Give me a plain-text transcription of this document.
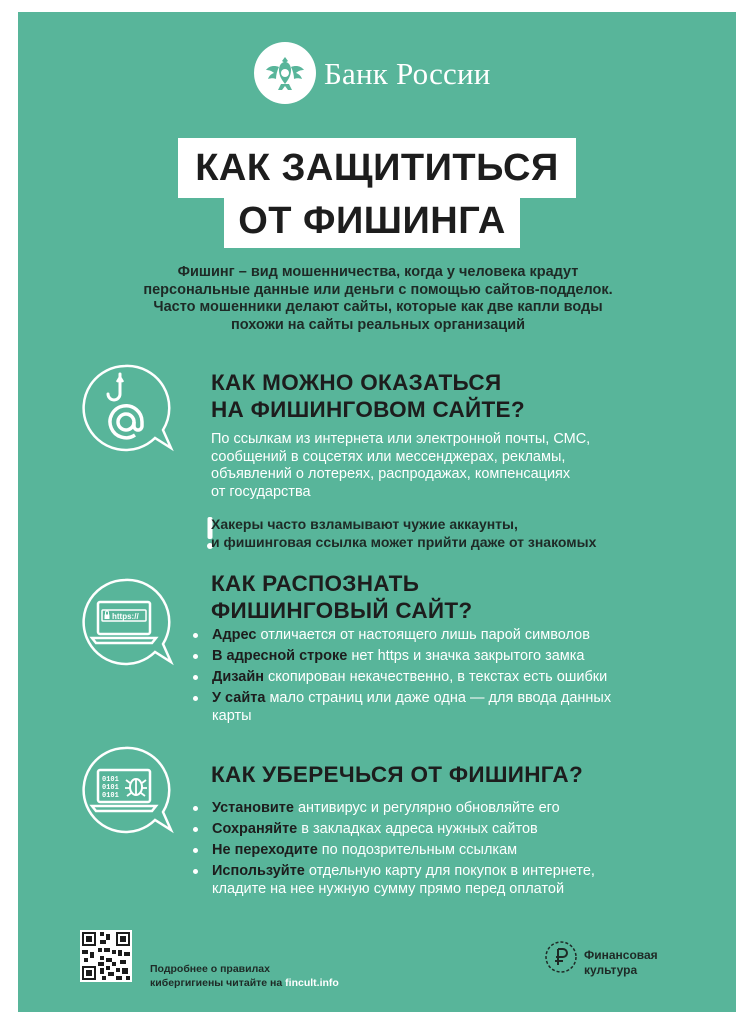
Банк России
КАК ЗАЩИТИТЬСЯ
ОТ ФИШИНГА
Фишинг – вид мошенничества, когда у человека крадут
персональные данные или деньги с помощью сайтов-подделок.
Часто мошенники делают сайты, которые как две капли воды
похожи на сайты реальных организаций
КАК МОЖНО ОКАЗАТЬСЯ
НА ФИШИНГОВОМ САЙТЕ?
По ссылкам из интернета или электронной почты, СМС,
сообщений в соцсетях или мессенджерах, рекламы,
объявлений о лотереях, распродажах, компенсациях
от государства
Хакеры часто взламывают чужие аккаунты,
и фишинговая ссылка может прийти даже от знакомых
https://
КАК РАСПОЗНАТЬ
ФИШИНГОВЫЙ САЙТ?
Адрес отличается от настоящего лишь парой символов
В адресной строке нет https и значка закрытого замка
Дизайн скопирован некачественно, в текстах есть ошибки
У сайта мало страниц или даже одна — для ввода данных
карты
0101
0101
0101
КАК УБЕРЕЧЬСЯ ОТ ФИШИНГА?
Установите антивирус и регулярно обновляйте его
Сохраняйте в закладках адреса нужных сайтов
Не переходите по подозрительным ссылкам
Используйте отдельную карту для покупок в интернете,
кладите на нее нужную сумму прямо перед оплатой
Подробнее о правилах
кибергигиены читайте на fincult.info
Финансовая
культура
